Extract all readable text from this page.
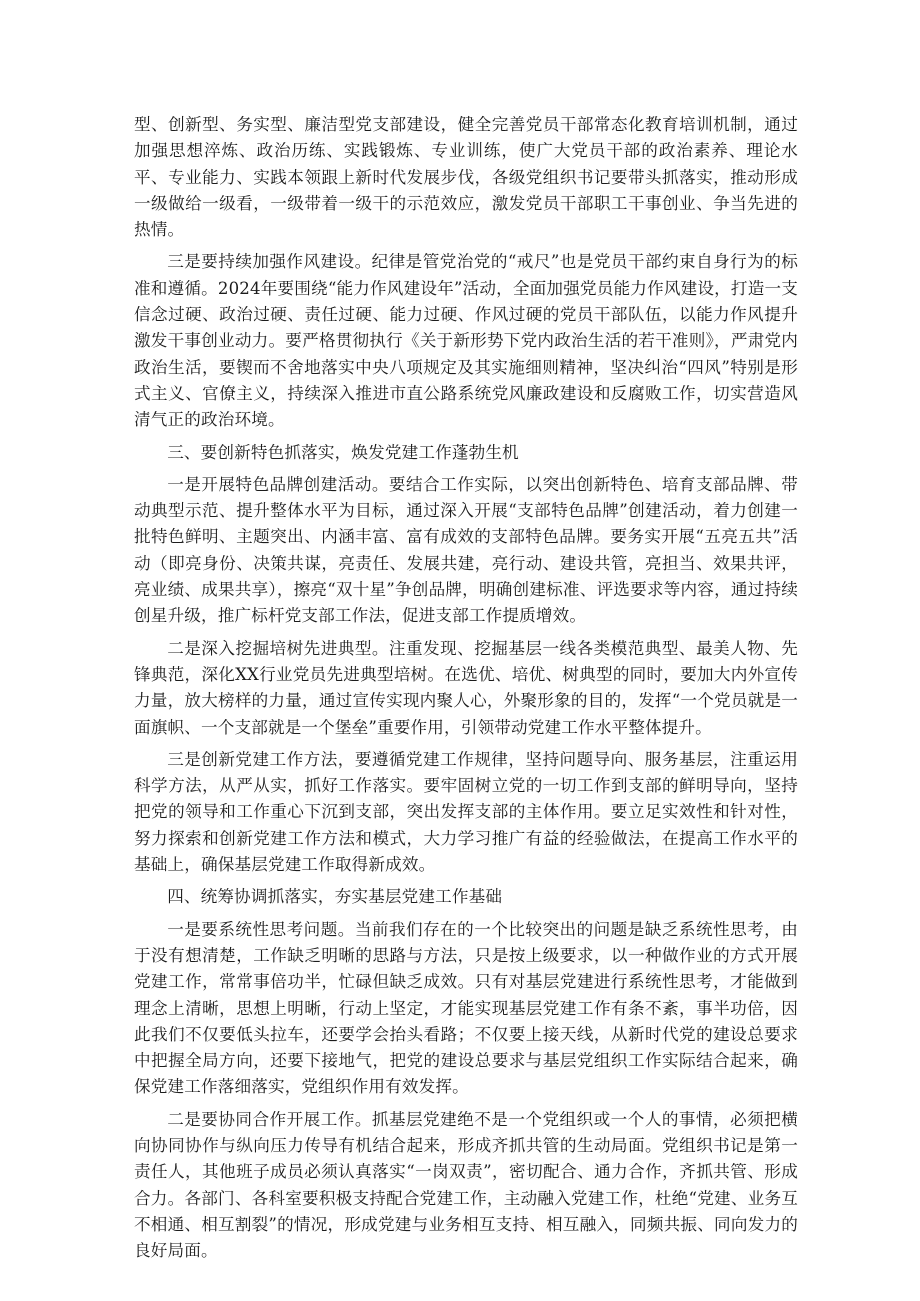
型、创新型、务实型、廉洁型党支部建设，健全完善党员干部常态化教育培训机制，通过加强思想淬炼、政治历练、实践锻炼、专业训练，使广大党员干部的政治素养、理论水平、专业能力、实践本领跟上新时代发展步伐，各级党组织书记要带头抓落实，推动形成一级做给一级看，一级带着一级干的示范效应，激发党员干部职工干事创业、争当先进的热情。

三是要持续加强作风建设。纪律是管党治党的“戒尺”也是党员干部约束自身行为的标准和遵循。2024年要围绕“能力作风建设年”活动，全面加强党员能力作风建设，打造一支信念过硬、政治过硬、责任过硬、能力过硬、作风过硬的党员干部队伍，以能力作风提升激发干事创业动力。要严格贯彻执行《关于新形势下党内政治生活的若干准则》，严肃党内政治生活，要锲而不舍地落实中央八项规定及其实施细则精神，坚决纠治“四风”特别是形式主义、官僚主义，持续深入推进市直公路系统党风廉政建设和反腐败工作，切实营造风清气正的政治环境。

三、要创新特色抓落实，焕发党建工作蓬勃生机

一是开展特色品牌创建活动。要结合工作实际，以突出创新特色、培育支部品牌、带动典型示范、提升整体水平为目标，通过深入开展“支部特色品牌”创建活动，着力创建一批特色鲜明、主题突出、内涵丰富、富有成效的支部特色品牌。要务实开展“五亮五共”活动（即亮身份、决策共谋，亮责任、发展共建，亮行动、建设共管，亮担当、效果共评，亮业绩、成果共享），擦亮“双十星”争创品牌，明确创建标准、评选要求等内容，通过持续创星升级，推广标杆党支部工作法，促进支部工作提质增效。

二是深入挖掘培树先进典型。注重发现、挖掘基层一线各类模范典型、最美人物、先锋典范，深化XX行业党员先进典型培树。在选优、培优、树典型的同时，要加大内外宣传力量，放大榜样的力量，通过宣传实现内聚人心，外聚形象的目的，发挥“一个党员就是一面旗帜、一个支部就是一个堡垒”重要作用，引领带动党建工作水平整体提升。

三是创新党建工作方法，要遵循党建工作规律，坚持问题导向、服务基层，注重运用科学方法，从严从实，抓好工作落实。要牢固树立党的一切工作到支部的鲜明导向，坚持把党的领导和工作重心下沉到支部，突出发挥支部的主体作用。要立足实效性和针对性，努力探索和创新党建工作方法和模式，大力学习推广有益的经验做法，在提高工作水平的基础上，确保基层党建工作取得新成效。

四、统筹协调抓落实，夯实基层党建工作基础

一是要系统性思考问题。当前我们存在的一个比较突出的问题是缺乏系统性思考，由于没有想清楚，工作缺乏明晰的思路与方法，只是按上级要求，以一种做作业的方式开展党建工作，常常事倍功半，忙碌但缺乏成效。只有对基层党建进行系统性思考，才能做到理念上清晰，思想上明晰，行动上坚定，才能实现基层党建工作有条不紊，事半功倍，因此我们不仅要低头拉车，还要学会抬头看路；不仅要上接天线，从新时代党的建设总要求中把握全局方向，还要下接地气，把党的建设总要求与基层党组织工作实际结合起来，确保党建工作落细落实，党组织作用有效发挥。

二是要协同合作开展工作。抓基层党建绝不是一个党组织或一个人的事情，必须把横向协同协作与纵向压力传导有机结合起来，形成齐抓共管的生动局面。党组织书记是第一责任人，其他班子成员必须认真落实“一岗双责”，密切配合、通力合作，齐抓共管、形成合力。各部门、各科室要积极支持配合党建工作，主动融入党建工作，杜绝“党建、业务互不相通、相互割裂”的情况，形成党建与业务相互支持、相互融入，同频共振、同向发力的良好局面。
